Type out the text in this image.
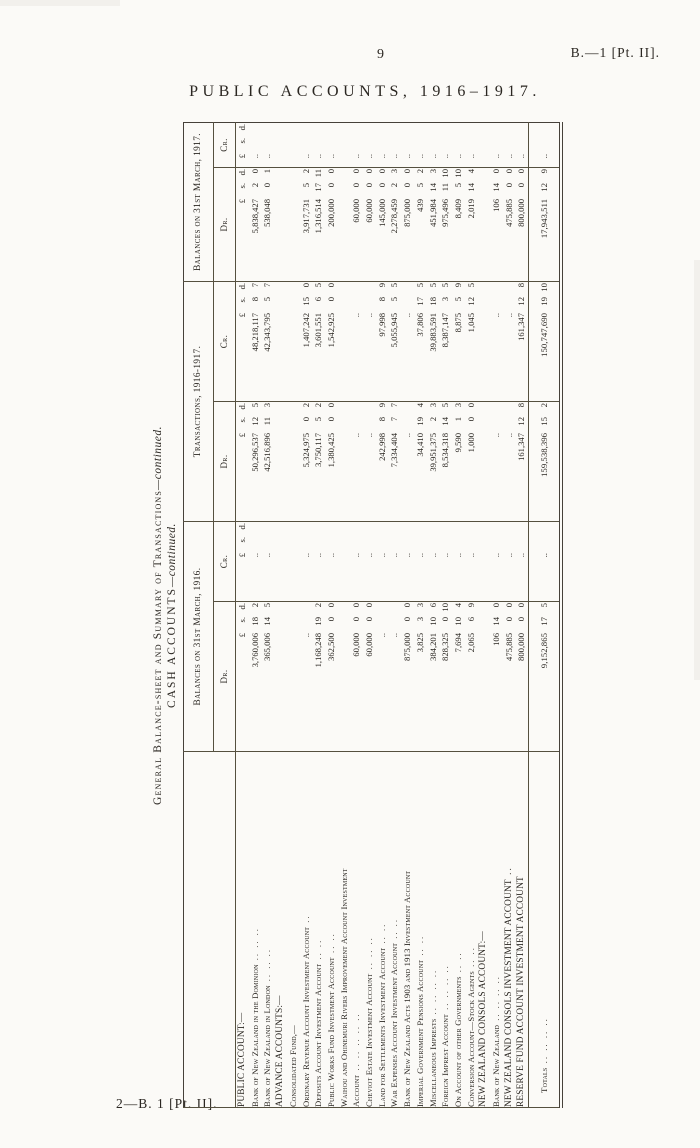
9	B.—1 [Pt. II].
PUBLIC ACCOUNTS, 1916–1917.
2—B. 1 [Pt. II].
General Balance-sheet and Summary of Transactions—continued.
CASH ACCOUNTS—continued.
	Balances on 31st March, 1916.		Transactions, 1916-1917.		Balances on 31st March, 1917.	
	Dr.	Cr.	Dr.	Cr.	Dr.	Cr.
PUBLIC ACCOUNT:—	£s.d.	£s.d.	£s.d.	£s.d.	£s.d.	£s.d.
Bank of New Zealand in the Dominion .. .. ..	3,760,006182	..	50,296,537125	48,218,11787	5,838,42720	..
Bank of New Zealand in London .. .. ..	365,006145	..	42,516,896113	42,343,79557	538,04801	..
ADVANCE ACCOUNTS:—						
Consolidated Fund,—						
Ordinary Revenue Account Investment Account ..	..	..	5,324,97502	1,407,242150	3,917,73152	..
Deposits Account Investment Account .. ..	1,168,248192	..	3,750,11752	3,601,55165	1,316,5141711	..
Public Works Fund Investment Account .. ..	362,50000	..	1,380,42500	1,542,92500	200,00000	..
Waihou and Ohinemuri Rivers Improvement Account Investment						
Account .. .. .. .. ..	60,00000	..	..	..	60,00000	..
Cheviot Estate Investment Account .. .. ..	60,00000	..	..	..	60,00000	..
Land for Settlements Investment Account .. ..	..	..	242,99889	97,99889	145,00000	..
War Expenses Account Investment Account .. ..	..	..	7,334,40477	5,055,94555	2,278,45923	..
Bank of New Zealand Acts 1903 and 1913 Investment Account	875,00000	..	..	..	875,00000	..
Imperial Government Pensions Account .. ..	3,82533	..	34,410194	37,806175	43952	..
Miscellaneous Imprests .. .. .. ..	384,201106	..	39,951,37523	39,883,591185	451,984143	..
Foreign Imprest Account .. .. .. ..	828,325010	..	8,534,318145	8,387,14735	975,4961110	..
On Account of other Governments .. ..	7,694104	..	9,59013	8,87559	8,409510	..
Conversion Account—Stock Agents .. ..	2,06569	..	1,00000	1,045125	2,019144	..
NEW ZEALAND CONSOLS ACCOUNT:—						
Bank of New Zealand .. .. .. ..	106140	..	..	..	106140	..
NEW ZEALAND CONSOLS INVESTMENT ACCOUNT ..	475,88500	..	..	..	475,88500	..
RESERVE FUND ACCOUNT INVESTMENT ACCOUNT	800,00000	..	161,347128	161,347128	800,00000	..
Totals .. .. .. ..	9,152,865175	..	159,538,396152	150,747,6901910	17,943,511129	..
